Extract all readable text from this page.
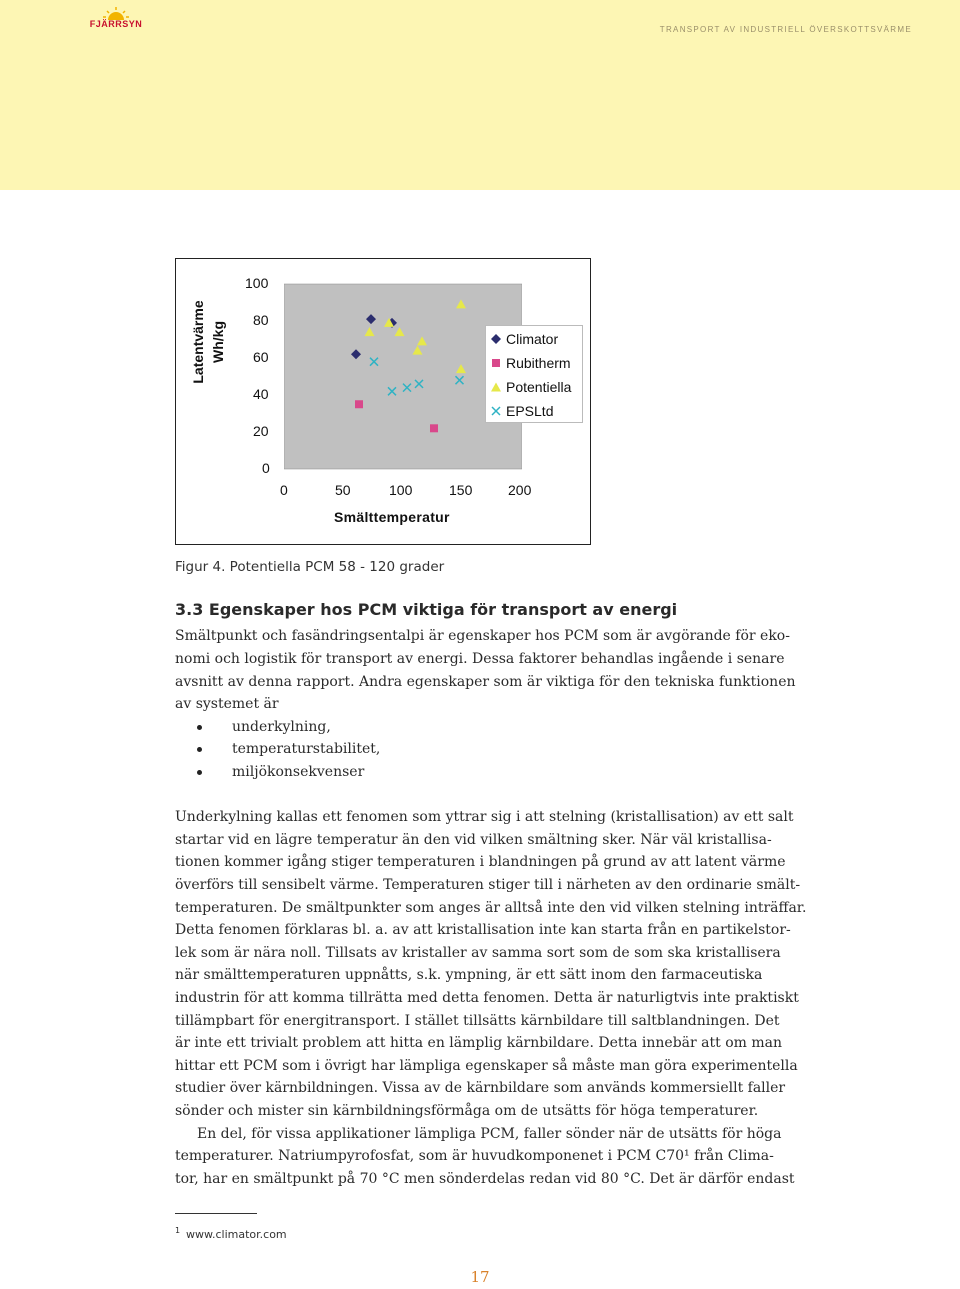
FJÄRRSYN
TRANSPORT AV INDUSTRIELL ÖVERSKOTTSVÄRME
Latentvärme Wh/kg
100
80
60
40
20
0
0	50	100	150	200
Smälttemperatur
Climator
Rubitherm
Potentiella
EPSLtd
Figur 4. Potentiella PCM 58 - 120 grader
3.3 Egenskaper hos PCM viktiga för transport av energi
Smältpunkt och fasändringsentalpi är egenskaper hos PCM som är avgörande för eko-
nomi och logistik för transport av energi. Dessa faktorer behandlas ingående i senare
avsnitt av denna rapport. Andra egenskaper som är viktiga för den tekniska funktionen
av systemet är
underkylning,
temperaturstabilitet,
miljökonsekvenser
Underkylning kallas ett fenomen som yttrar sig i att stelning (kristallisation) av ett salt
startar vid en lägre temperatur än den vid vilken smältning sker. När väl kristallisa-
tionen kommer igång stiger temperaturen i blandningen på grund av att latent värme
överförs till sensibelt värme. Temperaturen stiger till i närheten av den ordinarie smält-
temperaturen. De smältpunkter som anges är alltså inte den vid vilken stelning inträffar.
Detta fenomen förklaras bl. a. av att kristallisation inte kan starta från en partikelstor-
lek som är nära noll. Tillsats av kristaller av samma sort som de som ska kristallisera
när smälttemperaturen uppnåtts, s.k. ympning, är ett sätt inom den farmaceutiska
industrin för att komma tillrätta med detta fenomen. Detta är naturligtvis inte praktiskt
tillämpbart för energitransport. I stället tillsätts kärnbildare till saltblandningen. Det
är inte ett trivialt problem att hitta en lämplig kärnbildare. Detta innebär att om man
hittar ett PCM som i övrigt har lämpliga egenskaper så måste man göra experimentella
studier över kärnbildningen. Vissa av de kärnbildare som används kommersiellt faller
sönder och mister sin kärnbildningsförmåga om de utsätts för höga temperaturer.
En del, för vissa applikationer lämpliga PCM, faller sönder när de utsätts för höga
temperaturer. Natriumpyrofosfat, som är huvudkomponenet i PCM C70¹ från Clima-
tor, har en smältpunkt på 70 °C men sönderdelas redan vid 80 °C. Det är därför endast
1 www.climator.com
17
